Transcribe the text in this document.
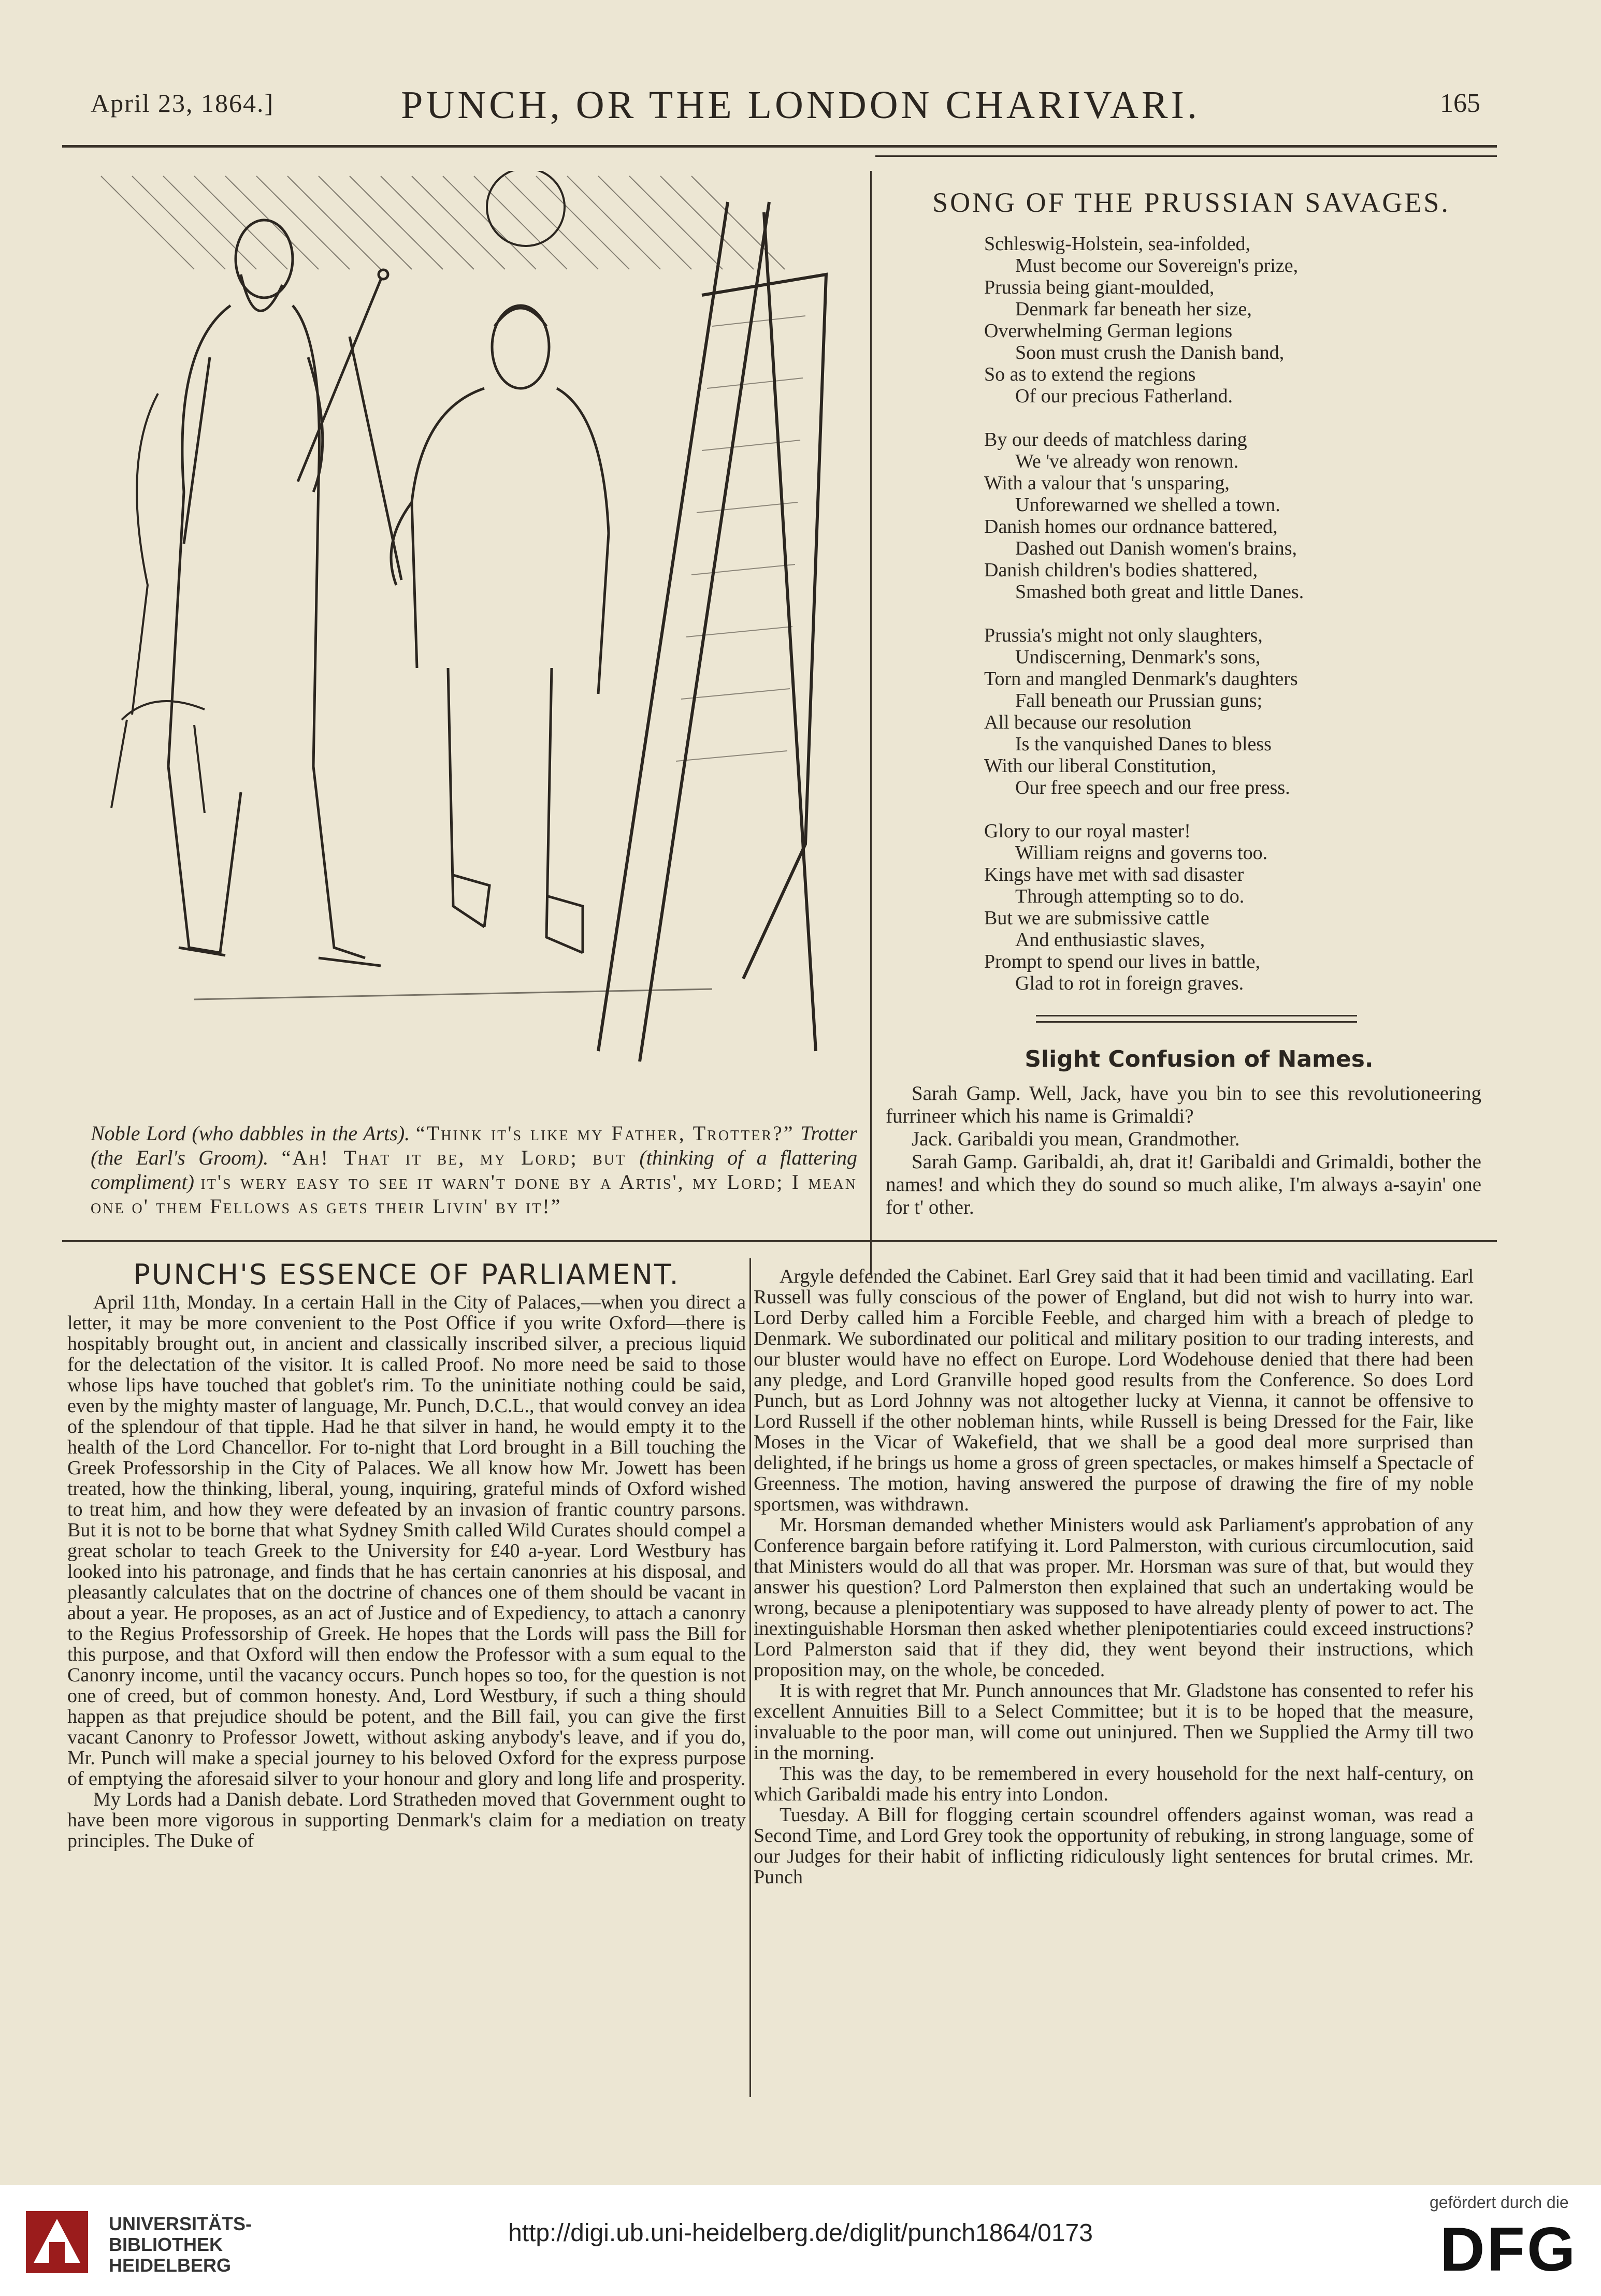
April 23, 1864.]	PUNCH, OR THE LONDON CHARIVARI.	165
Noble Lord (who dabbles in the Arts). “Think it's like my Father, Trotter?” Trotter (the Earl's Groom). “Ah! That it be, my Lord; but (thinking of a flattering compliment) it's wery easy to see it warn't done by a Artis', my Lord; I mean one o' them Fellows as gets their Livin' by it!”
SONG OF THE PRUSSIAN SAVAGES.
Schleswig-Holstein, sea-infolded,
Must become our Sovereign's prize,
Prussia being giant-moulded,
Denmark far beneath her size,
Overwhelming German legions
Soon must crush the Danish band,
So as to extend the regions
Of our precious Fatherland.
By our deeds of matchless daring
We 've already won renown.
With a valour that 's unsparing,
Unforewarned we shelled a town.
Danish homes our ordnance battered,
Dashed out Danish women's brains,
Danish children's bodies shattered,
Smashed both great and little Danes.
Prussia's might not only slaughters,
Undiscerning, Denmark's sons,
Torn and mangled Denmark's daughters
Fall beneath our Prussian guns;
All because our resolution
Is the vanquished Danes to bless
With our liberal Constitution,
Our free speech and our free press.
Glory to our royal master!
William reigns and governs too.
Kings have met with sad disaster
Through attempting so to do.
But we are submissive cattle
And enthusiastic slaves,
Prompt to spend our lives in battle,
Glad to rot in foreign graves.
Slight Confusion of Names.

Sarah Gamp. Well, Jack, have you bin to see this revolutioneering furrineer which his name is Grimaldi?

Jack. Garibaldi you mean, Grandmother.

Sarah Gamp. Garibaldi, ah, drat it! Garibaldi and Grimaldi, bother the names! and which they do sound so much alike, I'm always a-sayin' one for t' other.

PUNCH'S ESSENCE OF PARLIAMENT.

April 11th, Monday. In a certain Hall in the City of Palaces,—when you direct a letter, it may be more convenient to the Post Office if you write Oxford—there is hospitably brought out, in ancient and classically inscribed silver, a precious liquid for the delectation of the visitor. It is called Proof. No more need be said to those whose lips have touched that goblet's rim. To the uninitiate nothing could be said, even by the mighty master of language, Mr. Punch, D.C.L., that would convey an idea of the splendour of that tipple. Had he that silver in hand, he would empty it to the health of the Lord Chancellor. For to-night that Lord brought in a Bill touching the Greek Professorship in the City of Palaces. We all know how Mr. Jowett has been treated, how the thinking, liberal, young, inquiring, grateful minds of Oxford wished to treat him, and how they were defeated by an invasion of frantic country parsons. But it is not to be borne that what Sydney Smith called Wild Curates should compel a great scholar to teach Greek to the University for £40 a-year. Lord Westbury has looked into his patronage, and finds that he has certain canonries at his disposal, and pleasantly calculates that on the doctrine of chances one of them should be vacant in about a year. He proposes, as an act of Justice and of Expediency, to attach a canonry to the Regius Professorship of Greek. He hopes that the Lords will pass the Bill for this purpose, and that Oxford will then endow the Professor with a sum equal to the Canonry income, until the vacancy occurs. Punch hopes so too, for the question is not one of creed, but of common honesty. And, Lord Westbury, if such a thing should happen as that prejudice should be potent, and the Bill fail, you can give the first vacant Canonry to Professor Jowett, without asking anybody's leave, and if you do, Mr. Punch will make a special journey to his beloved Oxford for the express purpose of emptying the aforesaid silver to your honour and glory and long life and prosperity.

My Lords had a Danish debate. Lord Stratheden moved that Government ought to have been more vigorous in supporting Denmark's claim for a mediation on treaty principles. The Duke of

Argyle defended the Cabinet. Earl Grey said that it had been timid and vacillating. Earl Russell was fully conscious of the power of England, but did not wish to hurry into war. Lord Derby called him a Forcible Feeble, and charged him with a breach of pledge to Denmark. We subordinated our political and military position to our trading interests, and our bluster would have no effect on Europe. Lord Wodehouse denied that there had been any pledge, and Lord Granville hoped good results from the Conference. So does Lord Punch, but as Lord Johnny was not altogether lucky at Vienna, it cannot be offensive to Lord Russell if the other nobleman hints, while Russell is being Dressed for the Fair, like Moses in the Vicar of Wakefield, that we shall be a good deal more surprised than delighted, if he brings us home a gross of green spectacles, or makes himself a Spectacle of Greenness. The motion, having answered the purpose of drawing the fire of my noble sportsmen, was withdrawn.

Mr. Horsman demanded whether Ministers would ask Parliament's approbation of any Conference bargain before ratifying it. Lord Palmerston, with curious circumlocution, said that Ministers would do all that was proper. Mr. Horsman was sure of that, but would they answer his question? Lord Palmerston then explained that such an undertaking would be wrong, because a plenipotentiary was supposed to have already plenty of power to act. The inextinguishable Horsman then asked whether plenipotentiaries could exceed instructions? Lord Palmerston said that if they did, they went beyond their instructions, which proposition may, on the whole, be conceded.

It is with regret that Mr. Punch announces that Mr. Gladstone has consented to refer his excellent Annuities Bill to a Select Committee; but it is to be hoped that the measure, invaluable to the poor man, will come out uninjured. Then we Supplied the Army till two in the morning.

This was the day, to be remembered in every household for the next half-century, on which Garibaldi made his entry into London.

Tuesday. A Bill for flogging certain scoundrel offenders against woman, was read a Second Time, and Lord Grey took the opportunity of rebuking, in strong language, some of our Judges for their habit of inflicting ridiculously light sentences for brutal crimes. Mr. Punch

UNIVERSITÄTS-
BIBLIOTHEK
HEIDELBERG
http://digi.ub.uni-heidelberg.de/diglit/punch1864/0173
gefördert durch die
DFG
